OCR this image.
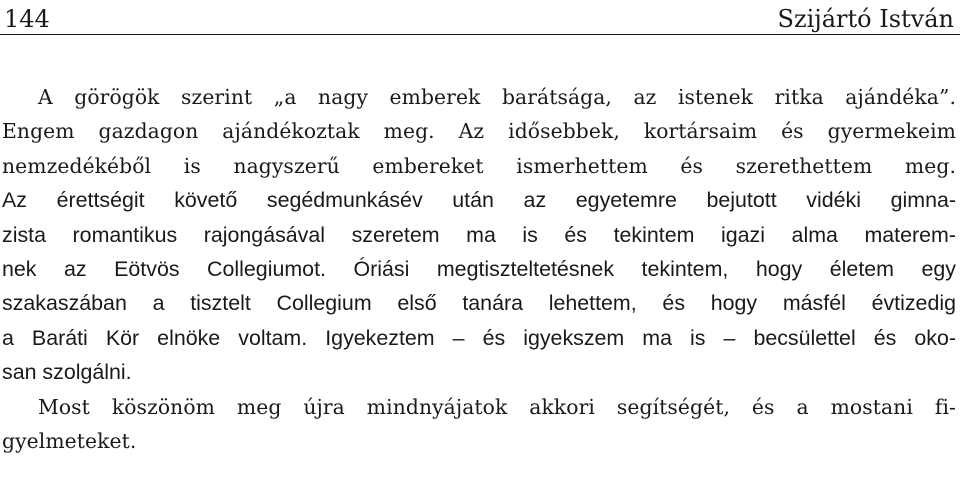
144	Szijártó István
A görögök szerint „a nagy emberek barátsága, az istenek ritka ajándéka”.
Engem gazdagon ajándékoztak meg. Az idősebbek, kortársaim és gyermekeim
nemzedékéből is nagyszerű embereket ismerhettem és szerethettem meg.
Az érettségit követő segédmunkásév után az egyetemre bejutott vidéki gimna-
zista romantikus rajongásával szeretem ma is és tekintem igazi alma materem-
nek az Eötvös Collegiumot. Óriási megtiszteltetésnek tekintem, hogy életem egy
szakaszában a tisztelt Collegium első tanára lehettem, és hogy másfél évtizedig
a Baráti Kör elnöke voltam. Igyekeztem – és igyekszem ma is – becsülettel és oko-
san szolgálni.
Most köszönöm meg újra mindnyájatok akkori segítségét, és a mostani fi-
gyelmeteket.
